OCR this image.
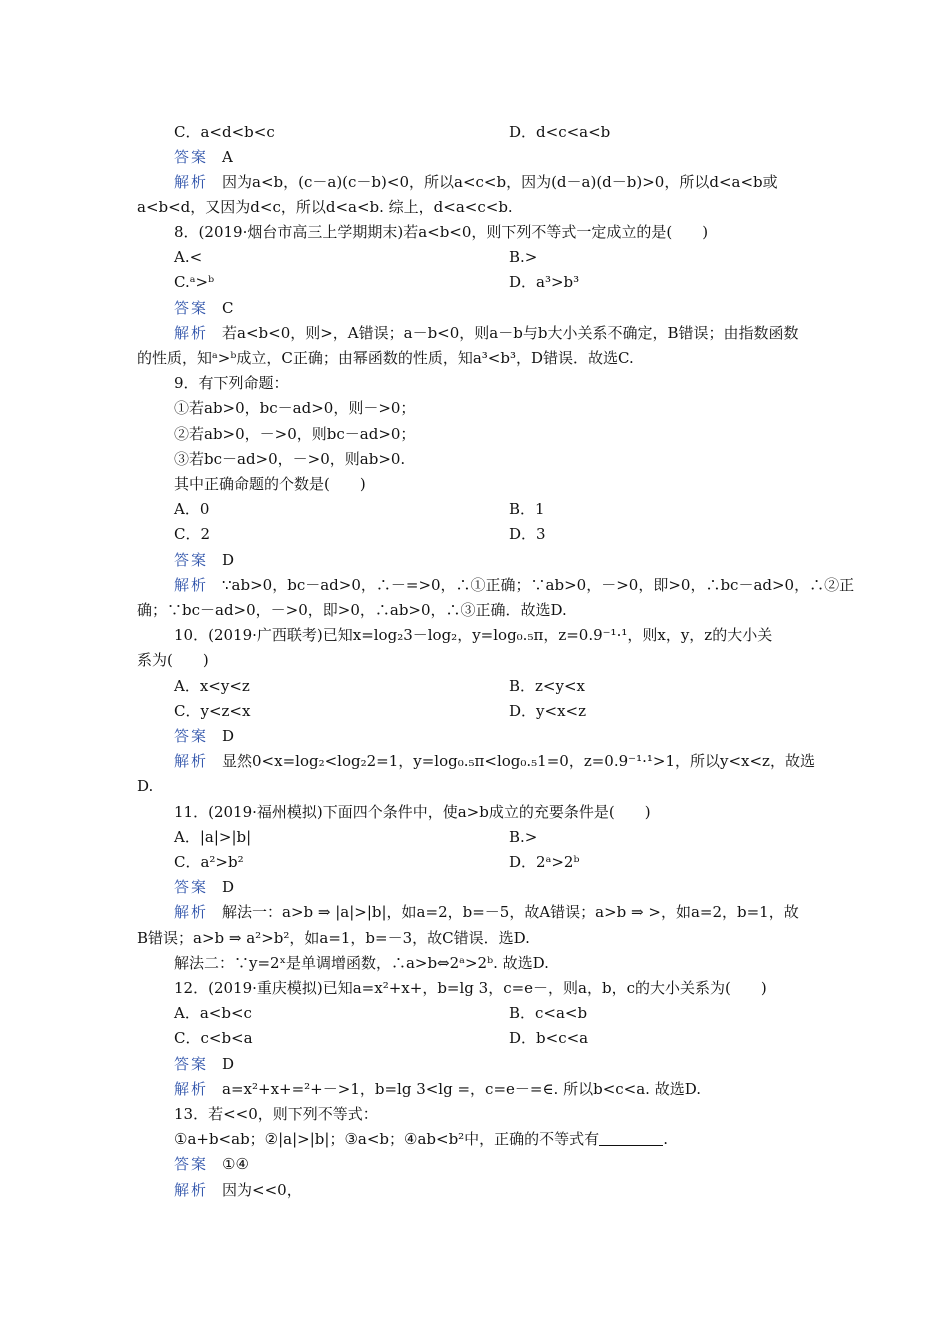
C．a<d<b<c	D．d<c<a<b
答案 A
解析 因为a<b，(c－a)(c－b)<0，所以a<c<b，因为(d－a)(d－b)>0，所以d<a<b或
a<b<d，又因为d<c，所以d<a<b. 综上，d<a<c<b.
8．(2019·烟台市高三上学期期末)若a<b<0，则下列不等式一定成立的是(　　)
A.<	B.>
C.ᵃ>ᵇ	D．a³>b³
答案 C
解析 若a<b<0，则>，A错误；a－b<0，则a－b与b大小关系不确定，B错误；由指数函数
的性质，知ᵃ>ᵇ成立，C正确；由幂函数的性质，知a³<b³，D错误．故选C.
9．有下列命题：
①若ab>0，bc－ad>0，则－>0；
②若ab>0，－>0，则bc－ad>0；
③若bc－ad>0，－>0，则ab>0.
其中正确命题的个数是(　　)
A．0	B．1
C．2	D．3
答案 D
解析 ∵ab>0，bc－ad>0，∴－=>0，∴①正确；∵ab>0，－>0，即>0，∴bc－ad>0，∴②正
确；∵bc－ad>0，－>0，即>0，∴ab>0，∴③正确．故选D.
10．(2019·广西联考)已知x=log₂3－log₂，y=log₀.₅π，z=0.9⁻¹·¹，则x，y，z的大小关
系为(　　)
A．x<y<z	B．z<y<x
C．y<z<x	D．y<x<z
答案 D
解析 显然0<x=log₂<log₂2=1，y=log₀.₅π<log₀.₅1=0，z=0.9⁻¹·¹>1，所以y<x<z，故选
D.
11．(2019·福州模拟)下面四个条件中，使a>b成立的充要条件是(　　)
A．|a|>|b|	B.>
C．a²>b²	D．2ᵃ>2ᵇ
答案 D
解析 解法一：a>b ⇒ |a|>|b|，如a=2，b=－5，故A错误；a>b ⇒ >，如a=2，b=1，故
B错误；a>b ⇒ a²>b²，如a=1，b=－3，故C错误．选D.
解法二：∵y=2ˣ是单调增函数，∴a>b⇔2ᵃ>2ᵇ. 故选D.
12．(2019·重庆模拟)已知a=x²+x+，b=lg 3，c=e－，则a，b，c的大小关系为(　　)
A．a<b<c	B．c<a<b
C．c<b<a	D．b<c<a
答案 D
解析 a=x²+x+=²+－>1，b=lg 3<lg =，c=e－=∈. 所以b<c<a. 故选D.
13．若<<0，则下列不等式：
①a+b<ab；②|a|>|b|；③a<b；④ab<b²中，正确的不等式有	.
答案 ①④
解析 因为<<0，
